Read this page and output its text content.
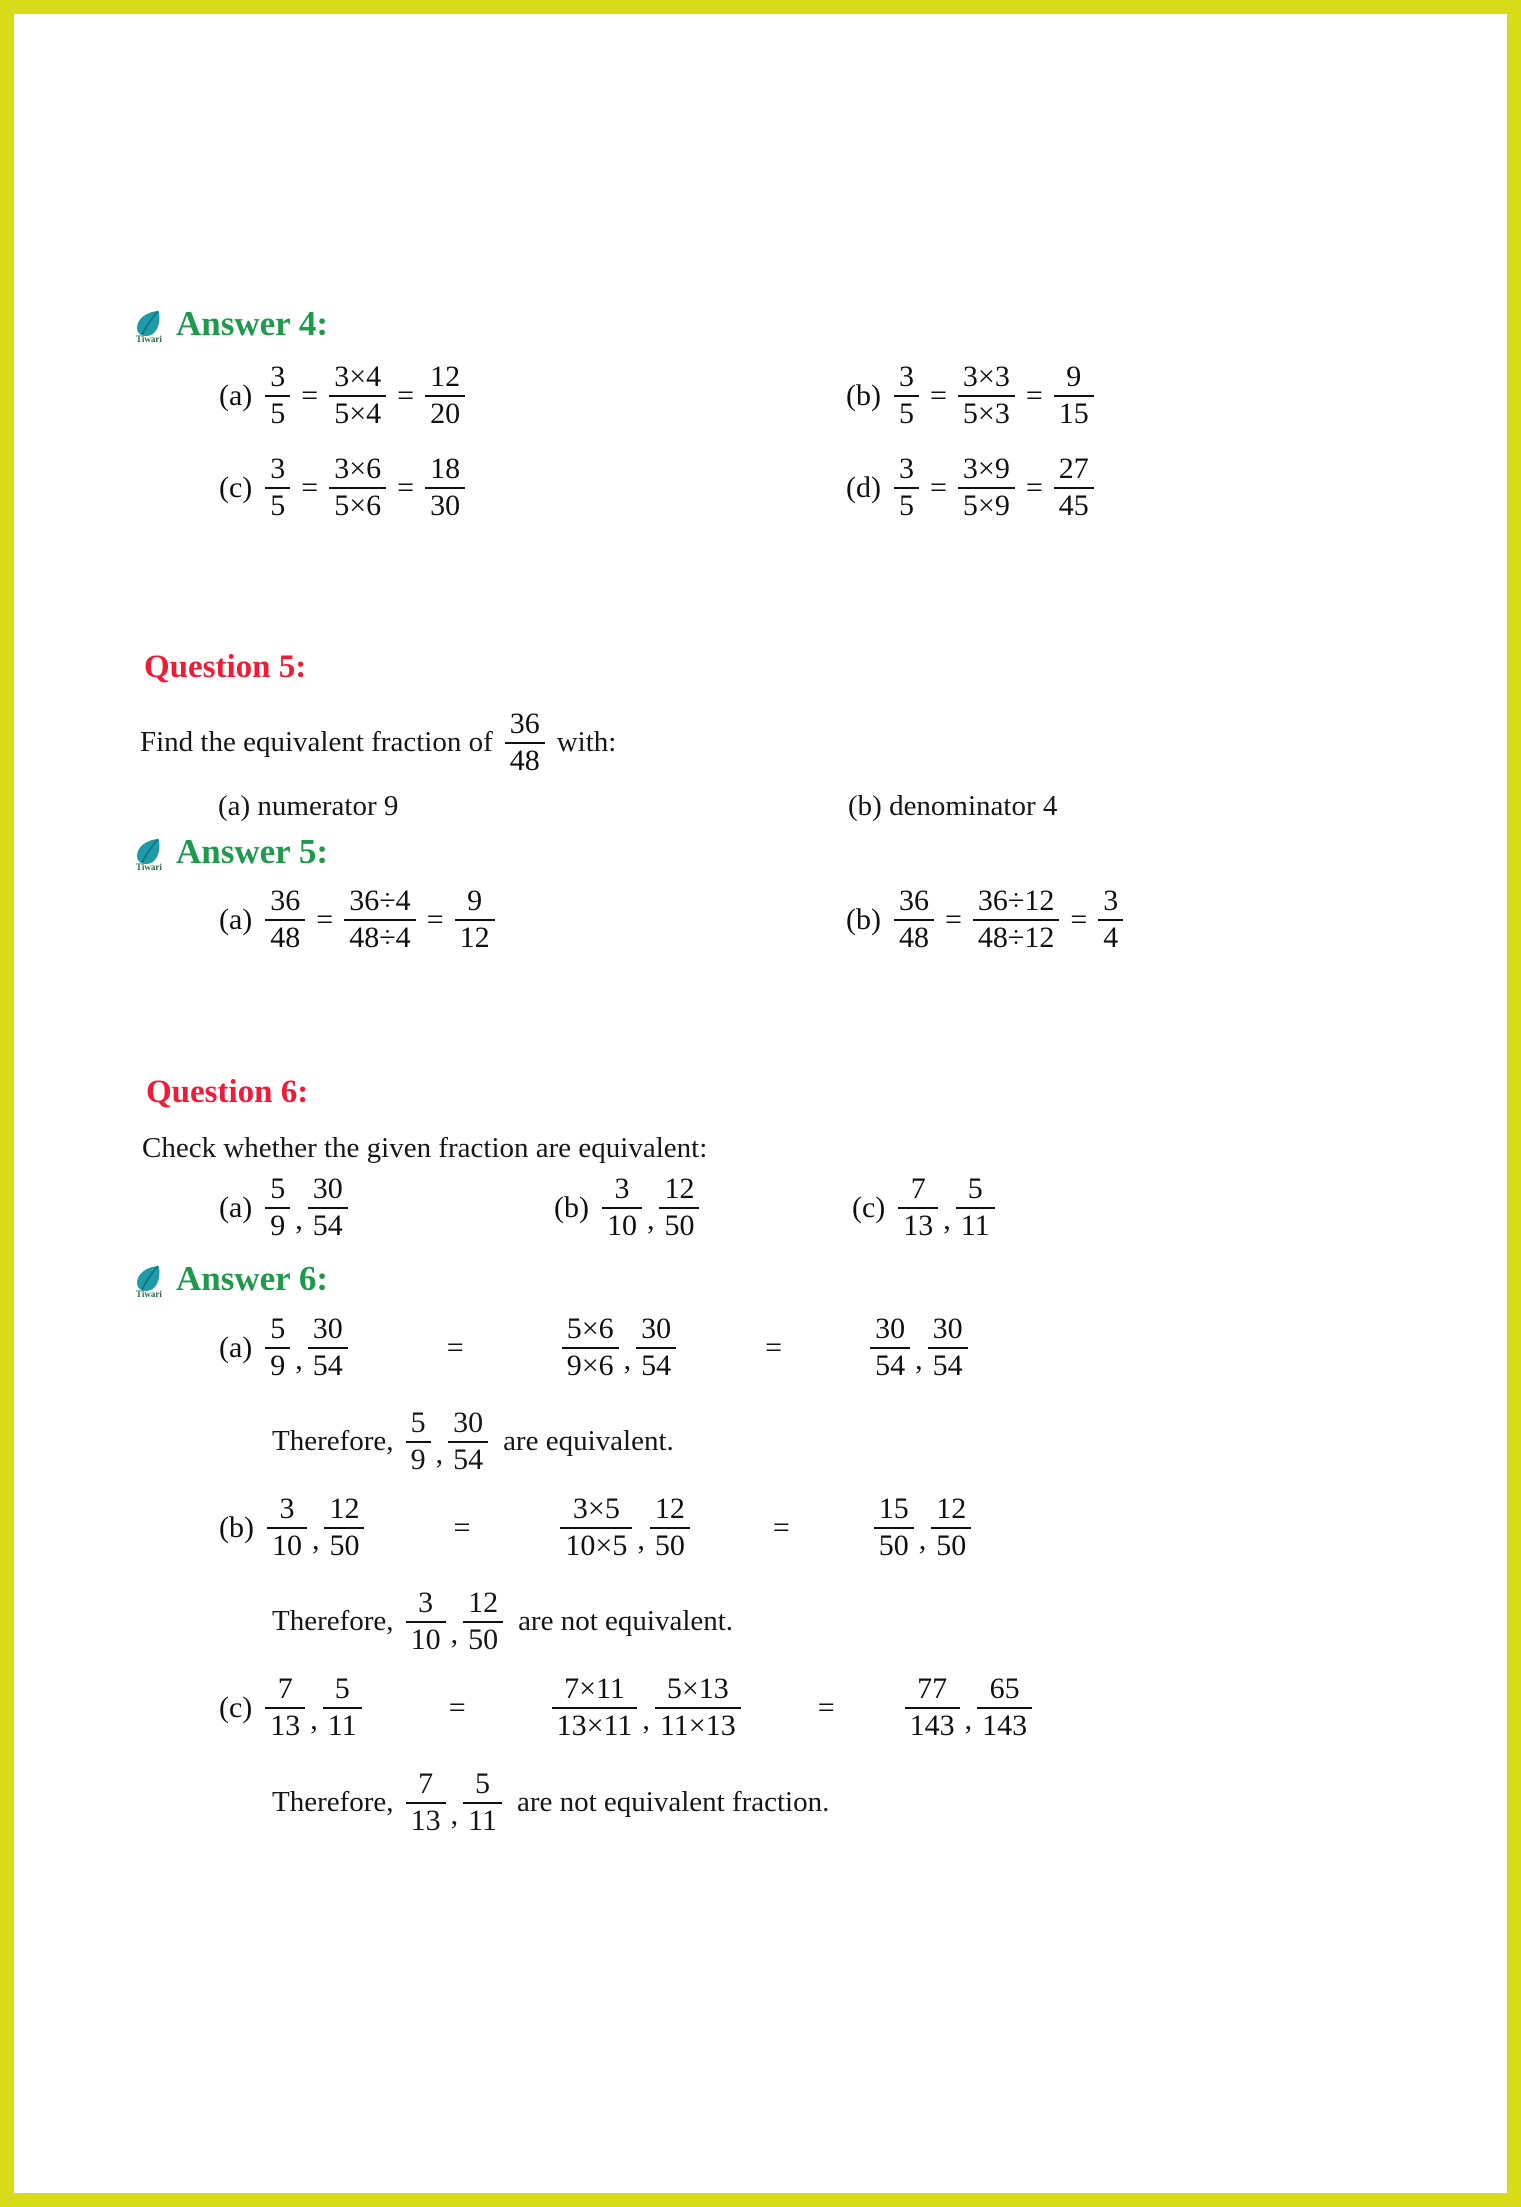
Tiwari Answer 4:
$(a) \frac{3}{5} = \frac{3\times 4}{5\times 4} = \frac{12}{20}$	$(b) \frac{3}{5} = \frac{3\times 3}{5\times 3} = \frac{9}{15}$
$(c) \frac{3}{5} = \frac{3\times 6}{5\times 6} = \frac{18}{30}$	$(d) \frac{3}{5} = \frac{3\times 9}{5\times 9} = \frac{27}{45}$
Question 5:
Find the equivalent fraction of $\frac{36}{48}$ with:
(a) numerator 9	(b) denominator 4
Tiwari Answer 5:
$(a) \frac{36}{48} = \frac{36\div 4}{48\div 4} = \frac{9}{12}$	$(b) \frac{36}{48} = \frac{36\div 12}{48\div 12} = \frac{3}{4}$
Question 6:
Check whether the given fraction are equivalent:
$(a) \frac{5}{9}$ , $\frac{30}{54}$	$(b) \frac{3}{10}$ , $\frac{12}{50}$	$(c) \frac{7}{13}$ , $\frac{5}{11}$
Tiwari Answer 6:
$(a) \frac{5}{9}$ , $\frac{30}{54}$	=	$\frac{5\times 6}{9\times 6}$ , $\frac{30}{54}$	=	$\frac{30}{54}$ , $\frac{30}{54}$
Therefore, $\frac{5}{9}$ , $\frac{30}{54}$ are equivalent.
$(b) \frac{3}{10}$ , $\frac{12}{50}$	=	$\frac{3\times 5}{10\times 5}$ , $\frac{12}{50}$	=	$\frac{15}{50}$ , $\frac{12}{50}$
Therefore, $\frac{3}{10}$ , $\frac{12}{50}$ are not equivalent.
$(c) \frac{7}{13}$ , $\frac{5}{11}$	=	$\frac{7\times 11}{13\times 11}$ , $\frac{5\times 13}{11\times 13}$	= $\frac{77}{143}$ , $\frac{65}{143}$
Therefore, $\frac{7}{13}$ , $\frac{5}{11}$ are not equivalent fraction.
